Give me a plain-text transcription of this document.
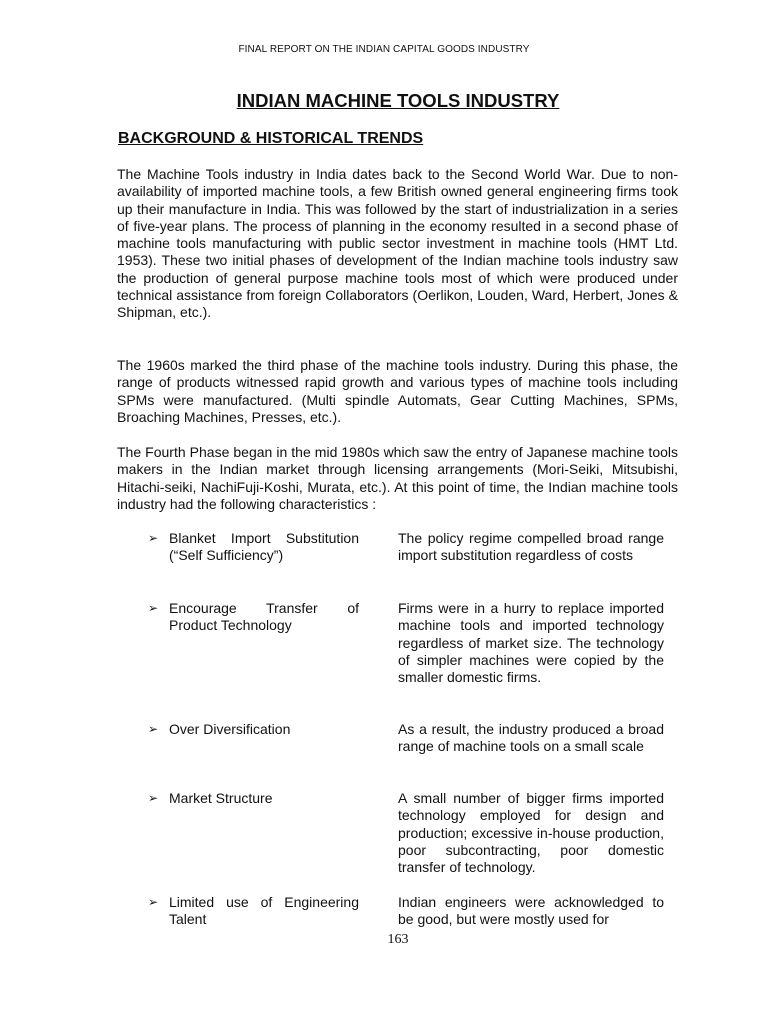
FINAL REPORT ON THE INDIAN CAPITAL GOODS INDUSTRY
INDIAN MACHINE TOOLS INDUSTRY
BACKGROUND & HISTORICAL TRENDS

The Machine Tools industry in India dates back to the Second World War. Due to non-availability of imported machine tools, a few British owned general engineering firms took up their manufacture in India. This was followed by the start of industrialization in a series of five-year plans. The process of planning in the economy resulted in a second phase of machine tools manufacturing with public sector investment in machine tools (HMT Ltd. 1953). These two initial phases of development of the Indian machine tools industry saw the production of general purpose machine tools most of which were produced under technical assistance from foreign Collaborators (Oerlikon, Louden, Ward, Herbert, Jones & Shipman, etc.).

The 1960s marked the third phase of the machine tools industry. During this phase, the range of products witnessed rapid growth and various types of machine tools including SPMs were manufactured. (Multi spindle Automats, Gear Cutting Machines, SPMs, Broaching Machines, Presses, etc.).

The Fourth Phase began in the mid 1980s which saw the entry of Japanese machine tools makers in the Indian market through licensing arrangements (Mori-Seiki, Mitsubishi, Hitachi-seiki, NachiFuji-Koshi, Murata, etc.). At this point of time, the Indian machine tools industry had the following characteristics :

➢ Blanket Import Substitution (“Self Sufficiency”)
The policy regime compelled broad range import substitution regardless of costs
➢ Encourage Transfer of Product Technology
Firms were in a hurry to replace imported machine tools and imported technology regardless of market size. The technology of simpler machines were copied by the smaller domestic firms.
➢ Over Diversification	As a result, the industry produced a broad range of machine tools on a small scale
➢ Market Structure	A small number of bigger firms imported technology employed for design and production; excessive in-house production, poor subcontracting, poor domestic transfer of technology.
➢ Limited use of Engineering Talent
Indian engineers were acknowledged to be good, but were mostly used for
163
